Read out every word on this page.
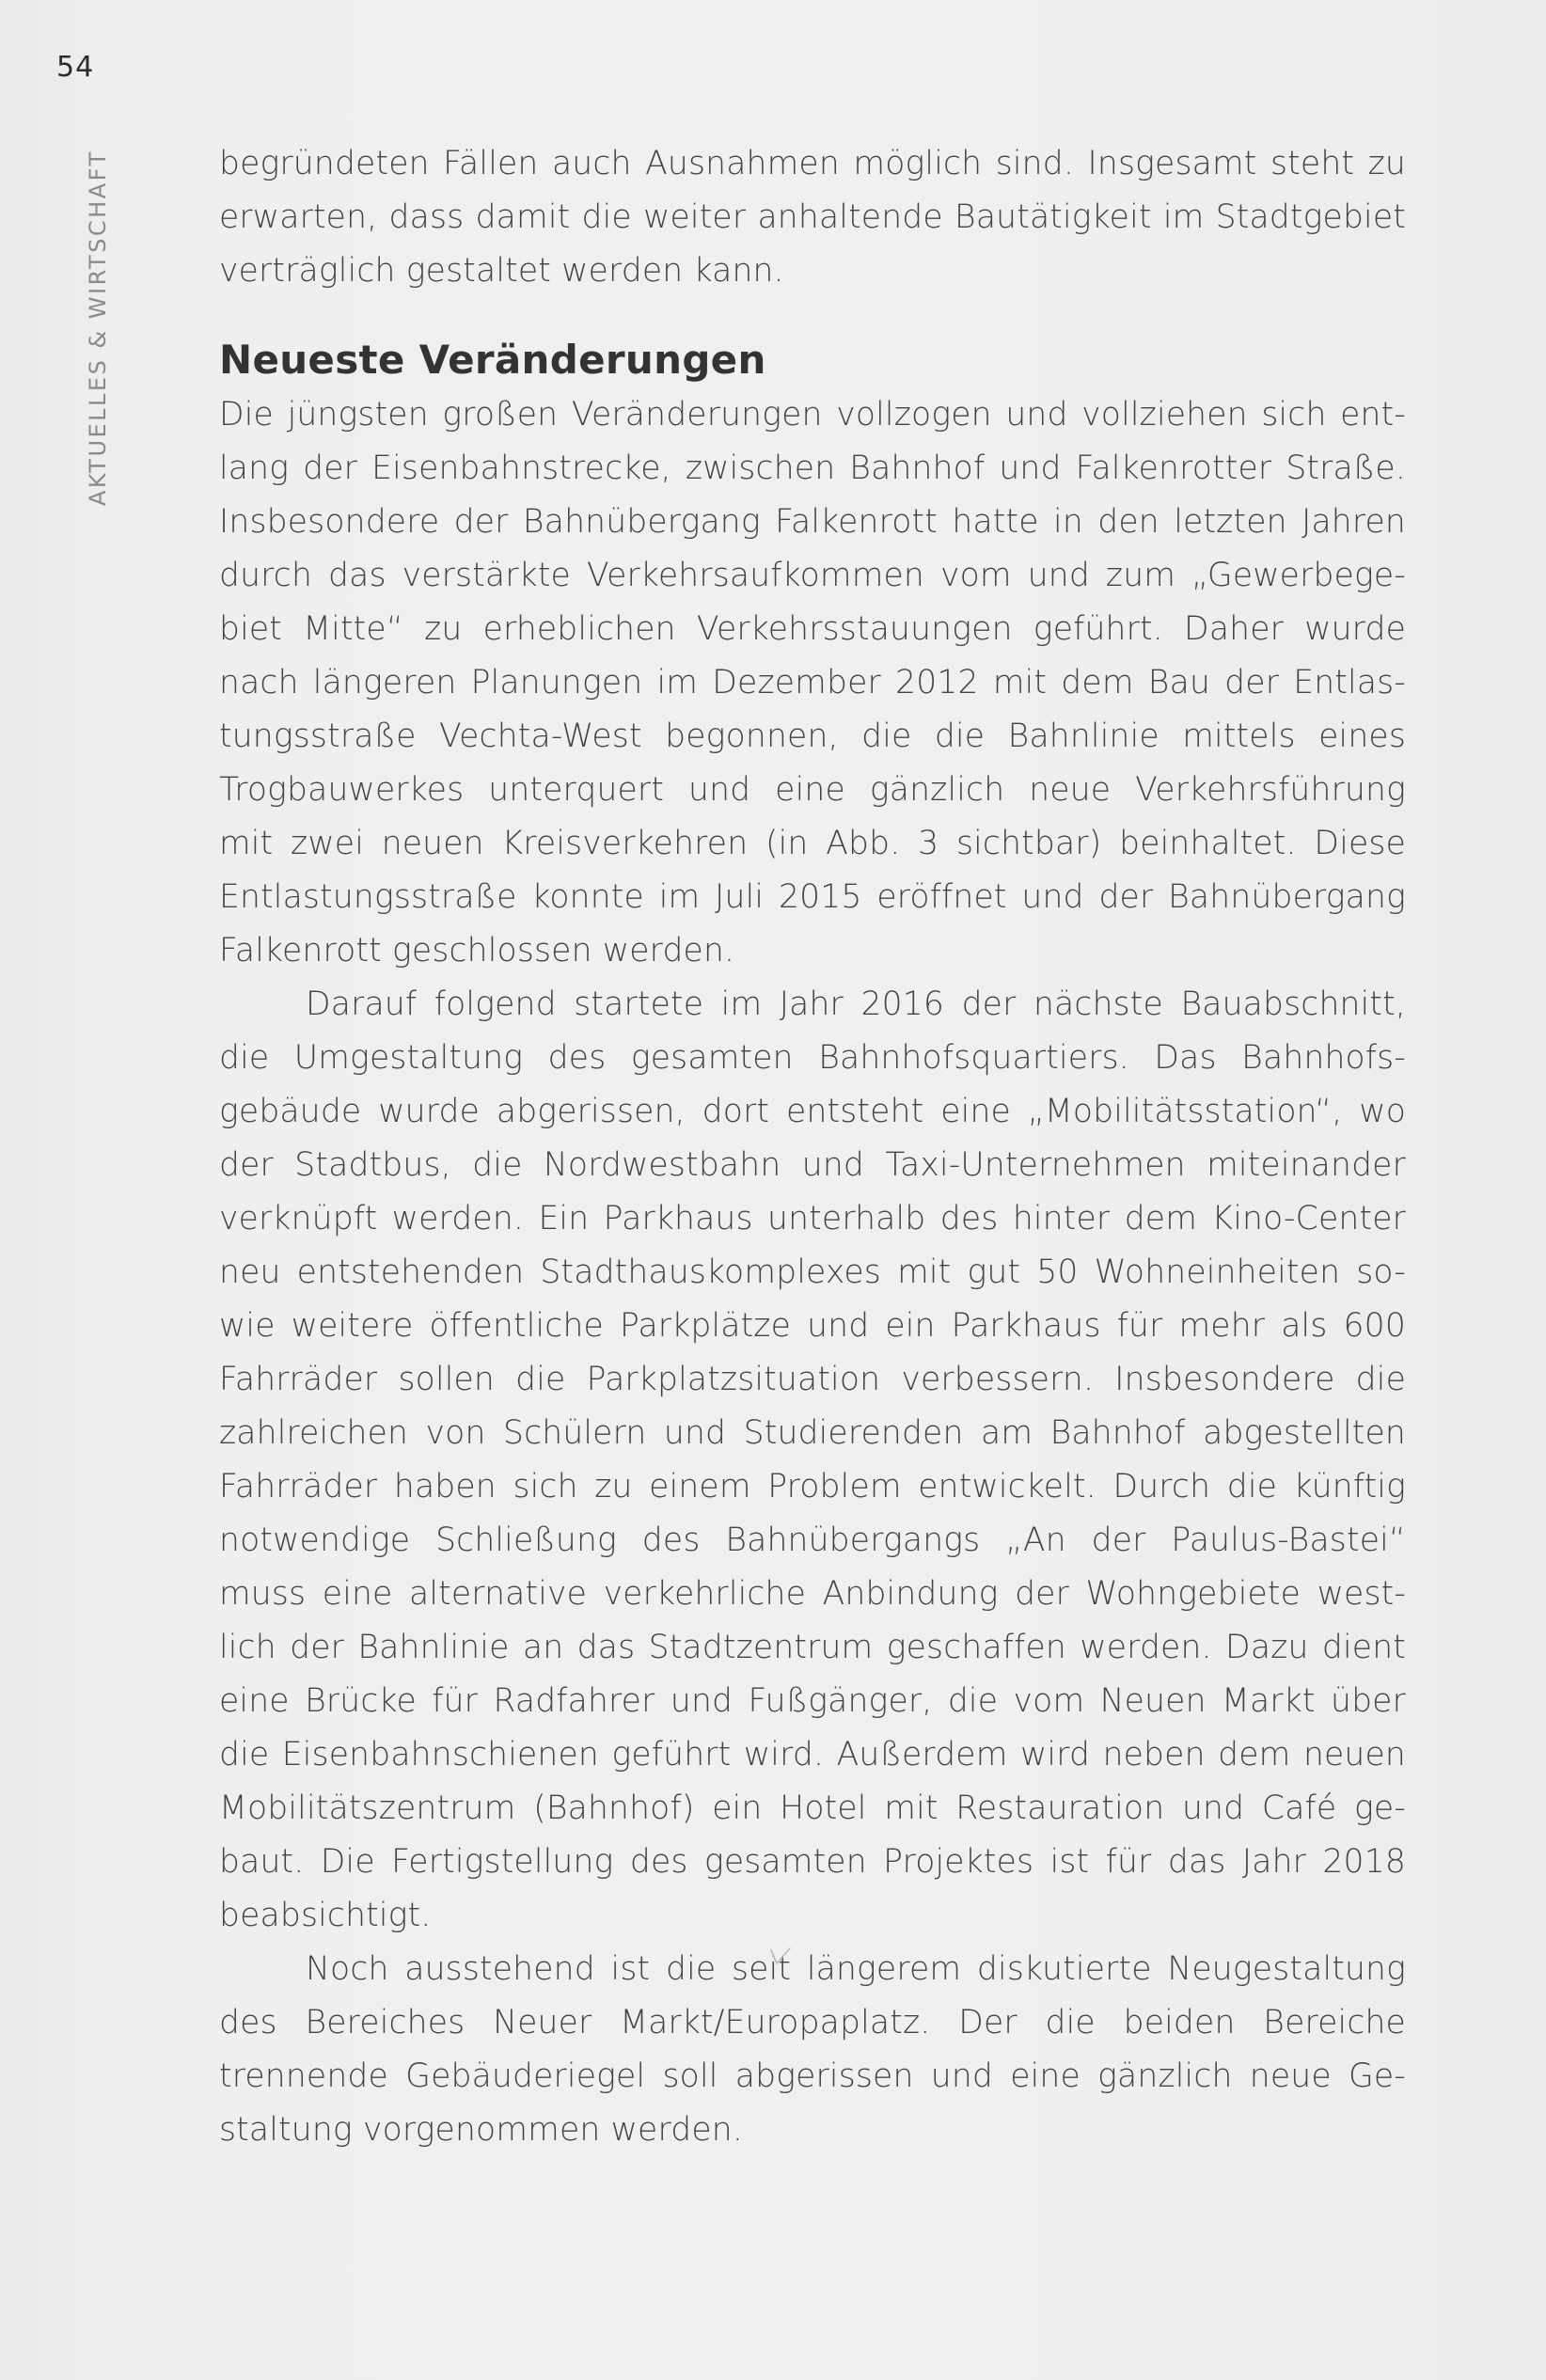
54
AKTUELLES & WIRTSCHAFT	begründeten Fällen auch Ausnahmen möglich sind. Insgesamt steht zu
erwarten, dass damit die weiter anhaltende Bautätigkeit im Stadtgebiet
verträglich gestaltet werden kann.
Neueste Veränderungen
Die jüngsten großen Veränderungen vollzogen und vollziehen sich ent-
lang der Eisenbahnstrecke, zwischen Bahnhof und Falkenrotter Straße.
Insbesondere der Bahnübergang Falkenrott hatte in den letzten Jahren
durch das verstärkte Verkehrsaufkommen vom und zum „Gewerbege-
biet Mitte“ zu erheblichen Verkehrsstauungen geführt. Daher wurde
nach längeren Planungen im Dezember 2012 mit dem Bau der Entlas-
tungsstraße Vechta-West begonnen, die die Bahnlinie mittels eines
Trogbauwerkes unterquert und eine gänzlich neue Verkehrsführung
mit zwei neuen Kreisverkehren (in Abb. 3 sichtbar) beinhaltet. Diese
Entlastungsstraße konnte im Juli 2015 eröffnet und der Bahnübergang
Falkenrott geschlossen werden.
Darauf folgend startete im Jahr 2016 der nächste Bauabschnitt,
die Umgestaltung des gesamten Bahnhofsquartiers. Das Bahnhofs-
gebäude wurde abgerissen, dort entsteht eine „Mobilitätsstation“, wo
der Stadtbus, die Nordwestbahn und Taxi-Unternehmen miteinander
verknüpft werden. Ein Parkhaus unterhalb des hinter dem Kino-Center
neu entstehenden Stadthauskomplexes mit gut 50 Wohneinheiten so-
wie weitere öffentliche Parkplätze und ein Parkhaus für mehr als 600
Fahrräder sollen die Parkplatzsituation verbessern. Insbesondere die
zahlreichen von Schülern und Studierenden am Bahnhof abgestellten
Fahrräder haben sich zu einem Problem entwickelt. Durch die künftig
notwendige Schließung des Bahnübergangs „An der Paulus-Bastei“
muss eine alternative verkehrliche Anbindung der Wohngebiete west-
lich der Bahnlinie an das Stadtzentrum geschaffen werden. Dazu dient
eine Brücke für Radfahrer und Fußgänger, die vom Neuen Markt über
die Eisenbahnschienen geführt wird. Außerdem wird neben dem neuen
Mobilitätszentrum (Bahnhof) ein Hotel mit Restauration und Café ge-
baut. Die Fertigstellung des gesamten Projektes ist für das Jahr 2018
beabsichtigt.
Noch ausstehend ist die seit längerem diskutierte Neugestaltung
des Bereiches Neuer Markt/Europaplatz. Der die beiden Bereiche
trennende Gebäuderiegel soll abgerissen und eine gänzlich neue Ge-
staltung vorgenommen werden.
